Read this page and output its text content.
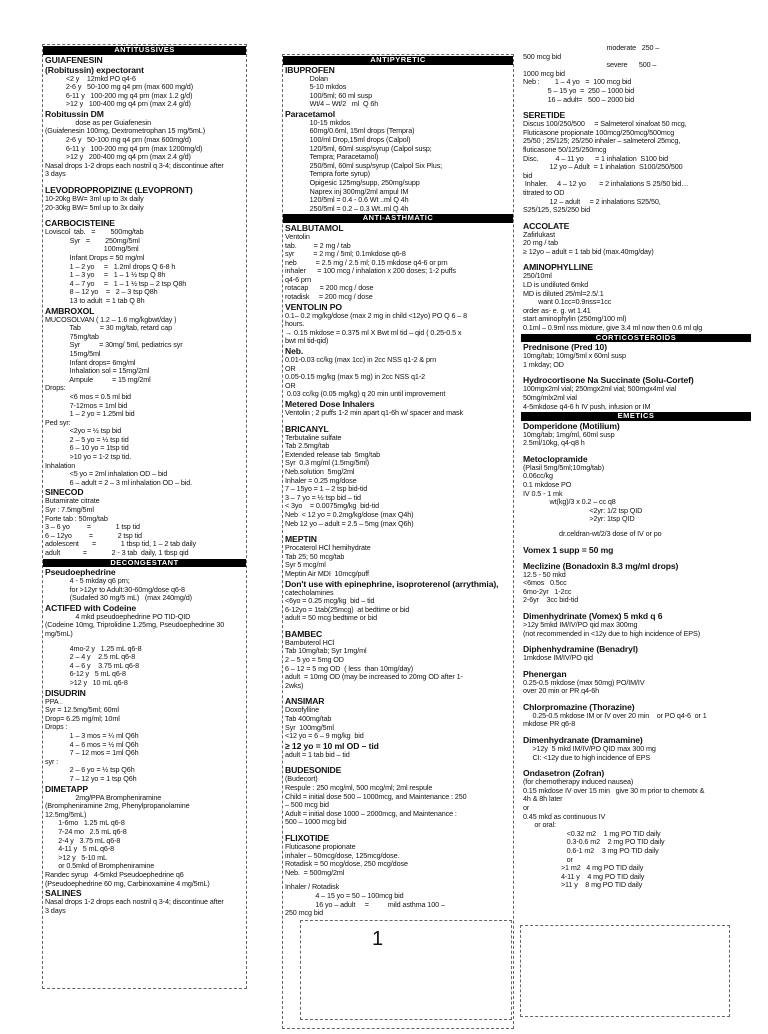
ANTITUSSIVES
GUIAFENESIN
(Robitussin) expectorant
<2 y    12mkd PO q4-6
2-6 y   50-100 mg q4 prn (max 600 mg/d)
6-11 y   100-200 mg q4 prn (max 1.2 g/d)
>12 y   100-400 mg q4 prn (max 2.4 g/d)
Robitussin DM
dose as per Guiafenesin
(Guiafenesin 100mg, Dextrometrophan 15 mg/5mL)
2-6 y   50-100 mg q4 prn (max 600mg/d)
6-11 y   100-200 mg q4 prn (max 1200mg/d)
>12 y   200-400 mg q4 prn (max 2.4 g/d)
Nasal drops 1-2 drops each nostril q 3-4; discontinue after
3 days
LEVODROPROPIZINE (LEVOPRONT)
10-20kg BW= 3ml up to 3x daily
20-30kg BW= 5ml up to 3x daily
CARBOCISTEINE
Loviscol  tab.   =        500mg/tab
Syr   =        250mg/5ml
100mg/5ml
Infant Drops = 50 mg/ml
1 – 2 yo     =   1.2ml drops Q 6-8 h
1 – 3 yo     =   1 – 1 ½ tsp Q 8h
4 – 7 yo     =   1 – 1 ½ tsp – 2 tsp Q8h
8 – 12 yo    =   2 – 3 tsp Q8h
13 to adult  = 1 tab Q 8h
AMBROXOL
MUCOSOLVAN ( 1.2 – 1.6 mg/kgbwt/day )
Tab          = 30 mg/tab, retard cap
75mg/tab
Syr          = 30mg/ 5ml, pediatrics syr
15mg/5ml
Infant drops= 6mg/ml
Inhalation sol = 15mg/2ml
Ampule          = 15 mg/2ml
Drops:
<6 mos = 0.5 ml bid
7-12mos = 1ml bid
1 – 2 yo = 1.25ml bid
Ped syr:
<2yo = ½ tsp bid
2 – 5 yo = ½ tsp tid
6 – 10 yo = 1tsp tid
>10 yo = 1-2 tsp tid.
Inhalation
<5 yo = 2ml inhalation OD – bid
6 – adult = 2 – 3 ml inhalation OD – bid.
SINECOD
Butamirate citrate
Syr : 7.5mg/5ml
Forte tab : 50mg/tab
3 – 6 yo         =             1 tsp tid
6 – 12yo         =             2 tsp tid
adolescent       =             1 tbsp tid, 1 – 2 tab daily
adult            =             2 - 3 tab  daily, 1 tbsp qid
DECONGESTANT
Pseudoephedrine
4 - 5 mkday q6 prn;
for >12yr to Adult:30-60mg/dose q6-8
(Sudafed 30 mg/5 mL)   (max 240mg/d)
ACTIFED with Codeine
4 mkd pseudoephedrine PO TID-QID
(Codeine 10mg, Triprolidine 1.25mg, Pseudoephedrine 30
mg/5mL)
4mo-2 y   1.25 mL q6-8
2 – 4 y    2.5 mL q6-8
4 – 6 y    3.75 mL q6-8
6-12 y   5 mL q6-8
>12 y   10 mL q6-8
DISUDRIN
PPA .
Syr = 12.5mg/5ml; 60ml
Drop= 6.25 mg/ml; 10ml
Drops :
1 – 3 mos = ¼ ml Q6h
4 – 6 mos = ½ ml Q6h
7 – 12 mos = 1ml Q6h
syr :
2 – 6 yo = ½ tsp Q6h
7 – 12 yo = 1 tsp Q6h
DIMETAPP
2mg/PPA Brompheniramine
(Brompheniramine 2mg, Phenylpropanolamine
12.5mg/5mL)
1-6mo   1.25 mL q6-8
7-24 mo   2.5 mL q6-8
2-4 y   3.75 mL q6-8
4-11 y   5 mL q6-8
>12 y   5-10 mL
or 0.5mkd of Brompheniramine
Randec syrup   4-5mkd Pseudoephedrine q6
(Pseudoephedrine 60 mg, Carbinoxamine 4 mg/5mL)
SALINES
Nasal drops 1-2 drops each nostril q 3-4; discontinue after
3 days
ANTIPYRETIC
IBUPROFEN
Dolan
5-10 mkdos
100/5ml; 60 ml susp
Wt/4 – Wt/2   ml  Q 6h
Paracetamol
10-15 mkdos
60mg/0.6ml, 15ml drops (Tempra)
100/ml Drop,15ml drops (Calpol)
120/5ml, 60ml susp/syrup (Calpol susp;
Tempra; Paracetamol)
250/5ml, 60ml susp/syrup (Calpol Six Plus;
Tempra forte syrup)
Opigesic 125mg/supp, 250mg/supp
Naprex inj 300mg/2ml ampul IM
120/5ml = 0.4 - 0.6 Wt ..ml Q 4h
250/5ml = 0.2 – 0.3 Wt..ml Q 4h
ANTI-ASTHMATIC
SALBUTAMOL
Ventolin
tab.         = 2 mg / tab
syr          = 2 mg / 5ml; 0.1mkdose q6-8
neb          = 2.5 mg / 2.5 ml; 0.15 mkdose q4-6 or prn
inhaler      = 100 mcg / inhalation x 200 doses; 1-2 puffs
q4-6 prn
rotacap      = 200 mcg / dose
rotadisk     = 200 mcg / dose
VENTOLIN PO
0.1– 0.2 mg/kg/dose (max 2 mg in child <12yo) PO Q 6 – 8
hours.
→ 0.15 mkdose = 0.375 ml X Bwt ml tid – qid ( 0.25-0.5 x
bwt ml tid-qid)
Neb.
0.01-0.03 cc/kg (max 1cc) in 2cc NSS q1-2 & prn
OR
0.05-0.15 mg/kg (max 5 mg) in 2cc NSS q1-2
OR
0.03 cc/kg (0.05 mg/kg) q 20 min until improvement
Metered Dose Inhalers
Ventolin ; 2 puffs 1-2 min apart q1-6h w/ spacer and mask
BRICANYL
Terbutaline sulfate
Tab 2.5mg/tab
Extended release tab  5mg/tab
Syr  0.3 mg/ml (1.5mg/5ml)
Neb.solution  5mg/2ml
Inhaler = 0.25 mg/dose
7 – 15yo = 1 – 2 tsp bid-tid
3 – 7 yo = ½ tsp bid – tid
< 3yo    = 0.0075mg/kg  bid-tid
Neb  < 12 yo = 0.2mg/kg/dose (max Q4h)
Neb 12 yo – adult = 2.5 – 5mg (max Q6h)
MEPTIN
Procaterol HCl hemihydrate
Tab 25; 50 mcg/tab
Syr 5 mcg/ml
Meptin Air MDI  10mcg/puff
Don't use with epinephrine, isoproterenol (arrythmia),
catecholamines
<6yo = 0.25 mcg/kg  bid – tid
6-12yo = 1tab(25mcg)  at bedtime or bid
adult = 50 mcg bedtime or bid
BAMBEC
Bambuterol HCl
Tab 10mg/tab; Syr 1mg/ml
2 – 5 yo = 5mg OD
6 – 12 = 5 mg OD  ( less  than 10mg/day)
adult  = 10mg OD (may be increased to 20mg OD after 1-
2wks)
ANSIMAR
Doxofylline
Tab 400mg/tab
Syr  100mg/5ml
<12 yo = 6 – 9 mg/kg  bid
≥ 12 yo = 10 ml OD – tid
adult = 1 tab bid – tid
BUDESONIDE
(Budecort)
Respule : 250 mcg/ml, 500 mcg/ml; 2ml respule
Child = initial dose 500 – 1000mcg, and Maintenance : 250
– 500 mcg bid
Adult = initial dose 1000 – 2000mcg, and Maintenance :
500 – 1000 mcg bid
FLIXOTIDE
Fluticasone propionate
inhaler – 50mcg/dose, 125mcg/dose.
Rotadisk = 50 mcg/dose, 250 mcg/dose
Neb.  = 500mg/2ml
Inhaler / Rotadisk
4 – 15 yo = 50 – 100mcg bid
16 yo – adult     =          mild asthma 100 –
250 mcg bid
moderate   250 –
500 mcg bid
severe      500 –
1000 mcg bid
Neb :        1 – 4 yo   =  100 mcg bid
5 – 15 yo  =  250 – 1000 bid
16 – adult=   500 – 2000 bid
SERETIDE
Discus 100/250/500     = Salmeterol xinafoat 50 mcg,
Fluticasone propionate 100mcg/250mcg/500mcg
25/50 ; 25/125; 25/250 inhaler – salmeterol 25mcg,
fluticasone 50/125/250mcg
Disc.         4 – 11 yo      = 1 inhalation  S100 bid
12 yo – Adult  = 1 inhalation  S100/250/500
bid
Inhaler.     4 – 12 yo       = 2 inhalations S 25/50 bid…
titrated to OD
12 – adult     = 2 inhalations S25/50,
S25/125, S25/250 bid
ACCOLATE
Zafirlukast
20 mg / tab
≥ 12yo – adult = 1 tab bid (max.40mg/day)
AMINOPHYLLINE
250/10ml
LD is undiluted 6mkd
MD is diluted 25/ml=2.5/.1
want 0.1cc=0.9nss=1cc
order as- e. g. wt 1.41
start aminophylin (250mg/100 ml)
0.1ml – 0.9ml nss mixture, give 3.4 ml now then 0.6 ml qlg
CORTICOSTEROIDS
Prednisone (Pred 10)
10mg/tab; 10mg/5ml x 60ml susp
1 mkday; OD
Hydrocortisone Na Succinate (Solu-Cortef)
100mgx2ml vial; 250mgx2ml vial; 500mgx4ml vial
50mg/mlx2ml vial
4-5mkdose q4-6 h IV push, infusion or IM
EMETICS
Domperidone (Motilium)
10mg/tab; 1mg/ml, 60ml susp
2.5ml/10kg, q4-q8 h
Metoclopramide
(Plasil 5mg/5ml;10mg/tab)
0.06cc/kg
0.1 mkdose PO
IV 0.5 - 1 mk
wt(kg)/3 x 0.2 – cc q8
<2yr: 1/2 tsp QID
>2yr: 1tsp QID
dr.celdran-wt/2/3 dose of IV or po
Vomex 1 supp = 50 mg
Meclizine (Bonadoxin 8.3 mg/ml drops)
12.5 - 50 mkd
<6mos   0.5cc
6mo-2yr   1-2cc
2-6yr    3cc bid-tid
Dimenhydrinate (Vomex) 5 mkd q 6
>12y 5mkd IM/IV/PO qid max 300mg
(not recommended in <12y due to high incidence of EPS)
Diphenhydramine (Benadryl)
1mkdose IM/IV/PO qid
Phenergan
0.25-0.5 mkdose (max 50mg) PO/IM/IV
over 20 min or PR q4-6h
Chlorpromazine (Thorazine)
0.25-0.5 mkdose IM or IV over 20 min    or PO q4-6  or 1
mkdose PR q6-8
Dimenhydranate (Dramamine)
>12y  5 mkd IM/IV/PO QID max 300 mg
CI: <12y due to high incidence of EPS
Ondasetron (Zofran)
(for chemotherapy induced nausea)
0.15 mkdose IV over 15 min   give 30 m prior to chemotx &
4h & 8h later
or
0.45 mkd as continuous IV
or oral:
<0.32 m2    1 mg PO TID daily
0.3-0.6 m2    2 mg PO TID daily
0.6-1 m2    3 mg PO TID daily
or
>1 m2   4 mg PO TID daily
4-11 y    4 mg PO TID daily
>11 y    8 mg PO TID daily
1
